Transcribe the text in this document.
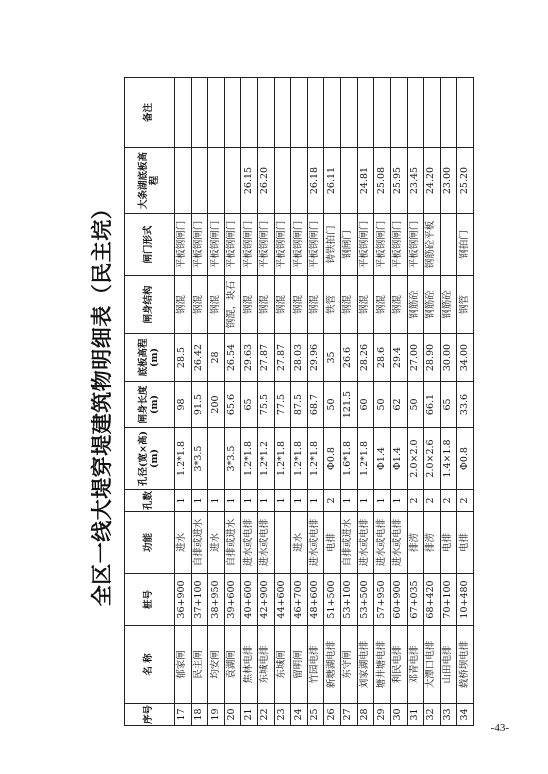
全区一线大堤穿堤建筑物明细表（民主垸）
序号	名 称	桩号	功能	孔数	孔径(宽×高)(m)	闸身长度(m)	底板高程(m)	闸身结构	闸门形式	大条湖底板高程	备注
17	郁家闸	36+900	进水	1	1.2*1.8	98	28.5	钢混	平板钢闸门		
18	民主闸	37+100	自排或进水	1	3*3.5	91.5	26.42	钢混	平板钢闸门		
19	均安闸	38+950	进水	1		200	28	钢混	平板钢闸门		
20	袁湖闸	39+600	自排或进水	1	3*3.5	65.6	26.54	钢混，块石	平板钢闸门		
21	焦林电排	40+600	进水或电排	1	1.2*1.8	65	29.63	钢混	平板钢闸门	26.15	
22	东城电排	42+900	进水或电排	1	1.2*1.2	75.5	27.87	钢混	平板钢闸门	26.20	
23	东城闸	44+600		1	1.2*1.8	77.5	27.87	钢混	平板钢闸门		
24	留明闸	46+700	进水	1	1.2*1.8	87.5	28.03	钢混	平板钢闸门		
25	竹园电排	48+600	进水或电排	1	1.2*1.8	68.7	29.96	钢混	平板钢闸门	26.18	
26	新塘湖电排	51+500	电排	2	Φ0.8	50	35	铁管	铸铁拍门	26.11	
27	东守闸	53+100	自排或进水	1	1.6*1.8	121.5	26.6	钢混	钢闸门		
28	刘家湖电排	53+500	进水或电排	1	1.2*1.8	60	28.26	钢混	平板钢闸门	24.81	
29	塘井塘电排	57+950	进水或电排	1	Φ1.4	50	28.6	钢混	平板钢闸门	25.08	
30	利民电排	60+900	进水或电排	1	Φ1.4	62	29.4	钢混	平板钢闸门	25.95	
31	邓青电排	67+035	排涝	2	2.0×2.0	50	27.00	钢筋砼	平板钢闸门	23.45	
32	大潭口电排	68+420	排涝	2	2.0×2.6	66.1	28.90	钢筋砼	钢筋砼平板	24.20	
33	山田电排	70+100	电排	2	1.4×1.8	65	30.00	钢筋砼		23.00	
34	载桥坝电排	10+480	电排	2	Φ0.8	33.6	34.00	钢管	钢拍门	25.20	
-43-
